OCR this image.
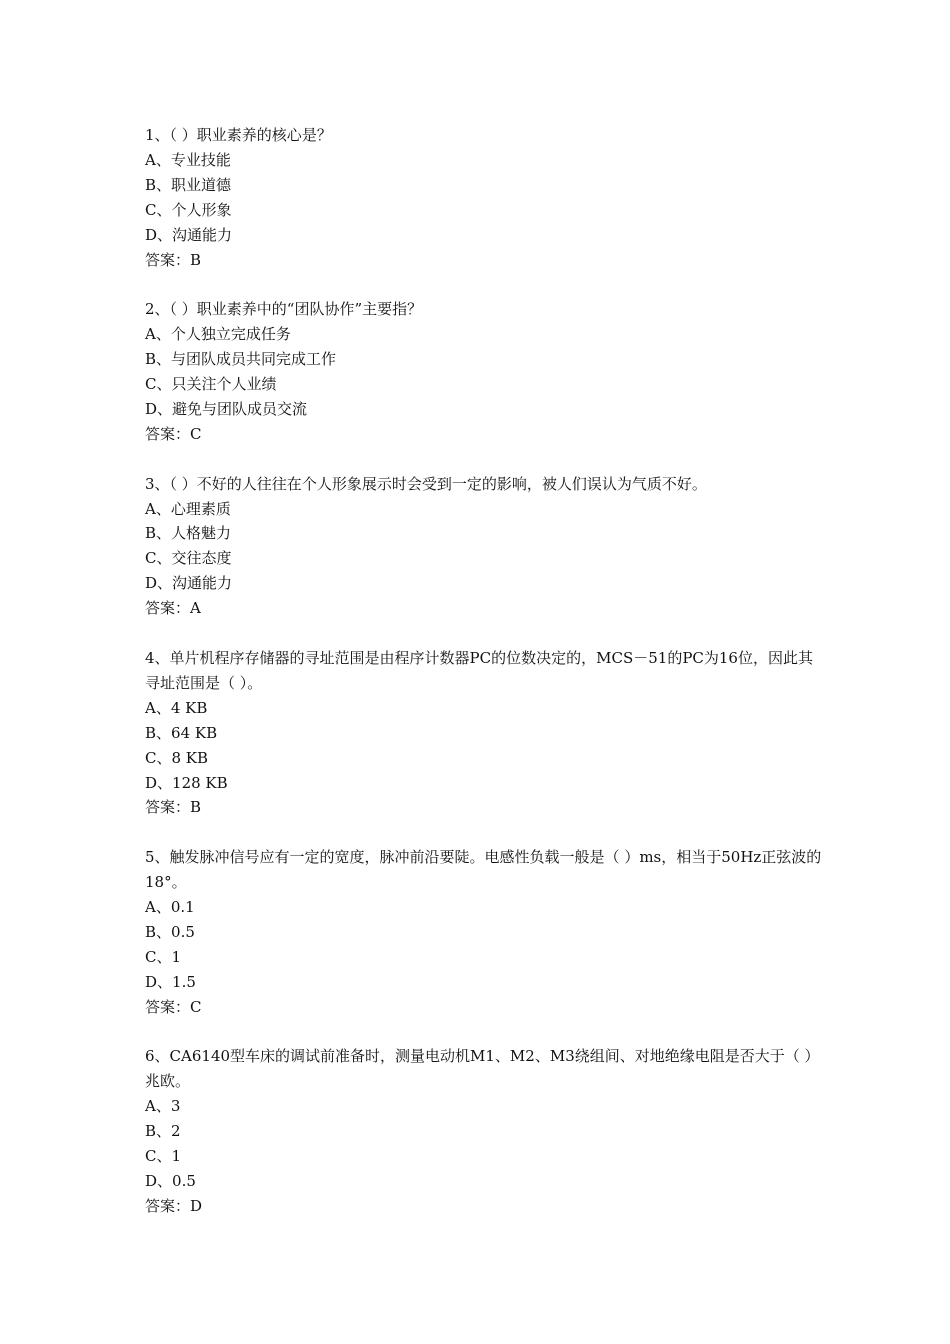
1、（ ）职业素养的核心是？
A、专业技能
B、职业道德
C、个人形象
D、沟通能力
答案：B
2、（ ）职业素养中的“团队协作”主要指？
A、个人独立完成任务
B、与团队成员共同完成工作
C、只关注个人业绩
D、避免与团队成员交流
答案：C
3、（ ）不好的人往往在个人形象展示时会受到一定的影响，被人们误认为气质不好。
A、心理素质
B、人格魅力
C、交往态度
D、沟通能力
答案：A
4、单片机程序存储器的寻址范围是由程序计数器PC的位数决定的，MCS－51的PC为16位，因此其寻址范围是（ ）。
A、4 KB
B、64 KB
C、8 KB
D、128 KB
答案：B
5、触发脉冲信号应有一定的宽度，脉冲前沿要陡。电感性负载一般是（ ）ms，相当于50Hz正弦波的18°。
A、0.1
B、0.5
C、1
D、1.5
答案：C
6、CA6140型车床的调试前准备时，测量电动机M1、M2、M3绕组间、对地绝缘电阻是否大于（ ）兆欧。
A、3
B、2
C、1
D、0.5
答案：D
